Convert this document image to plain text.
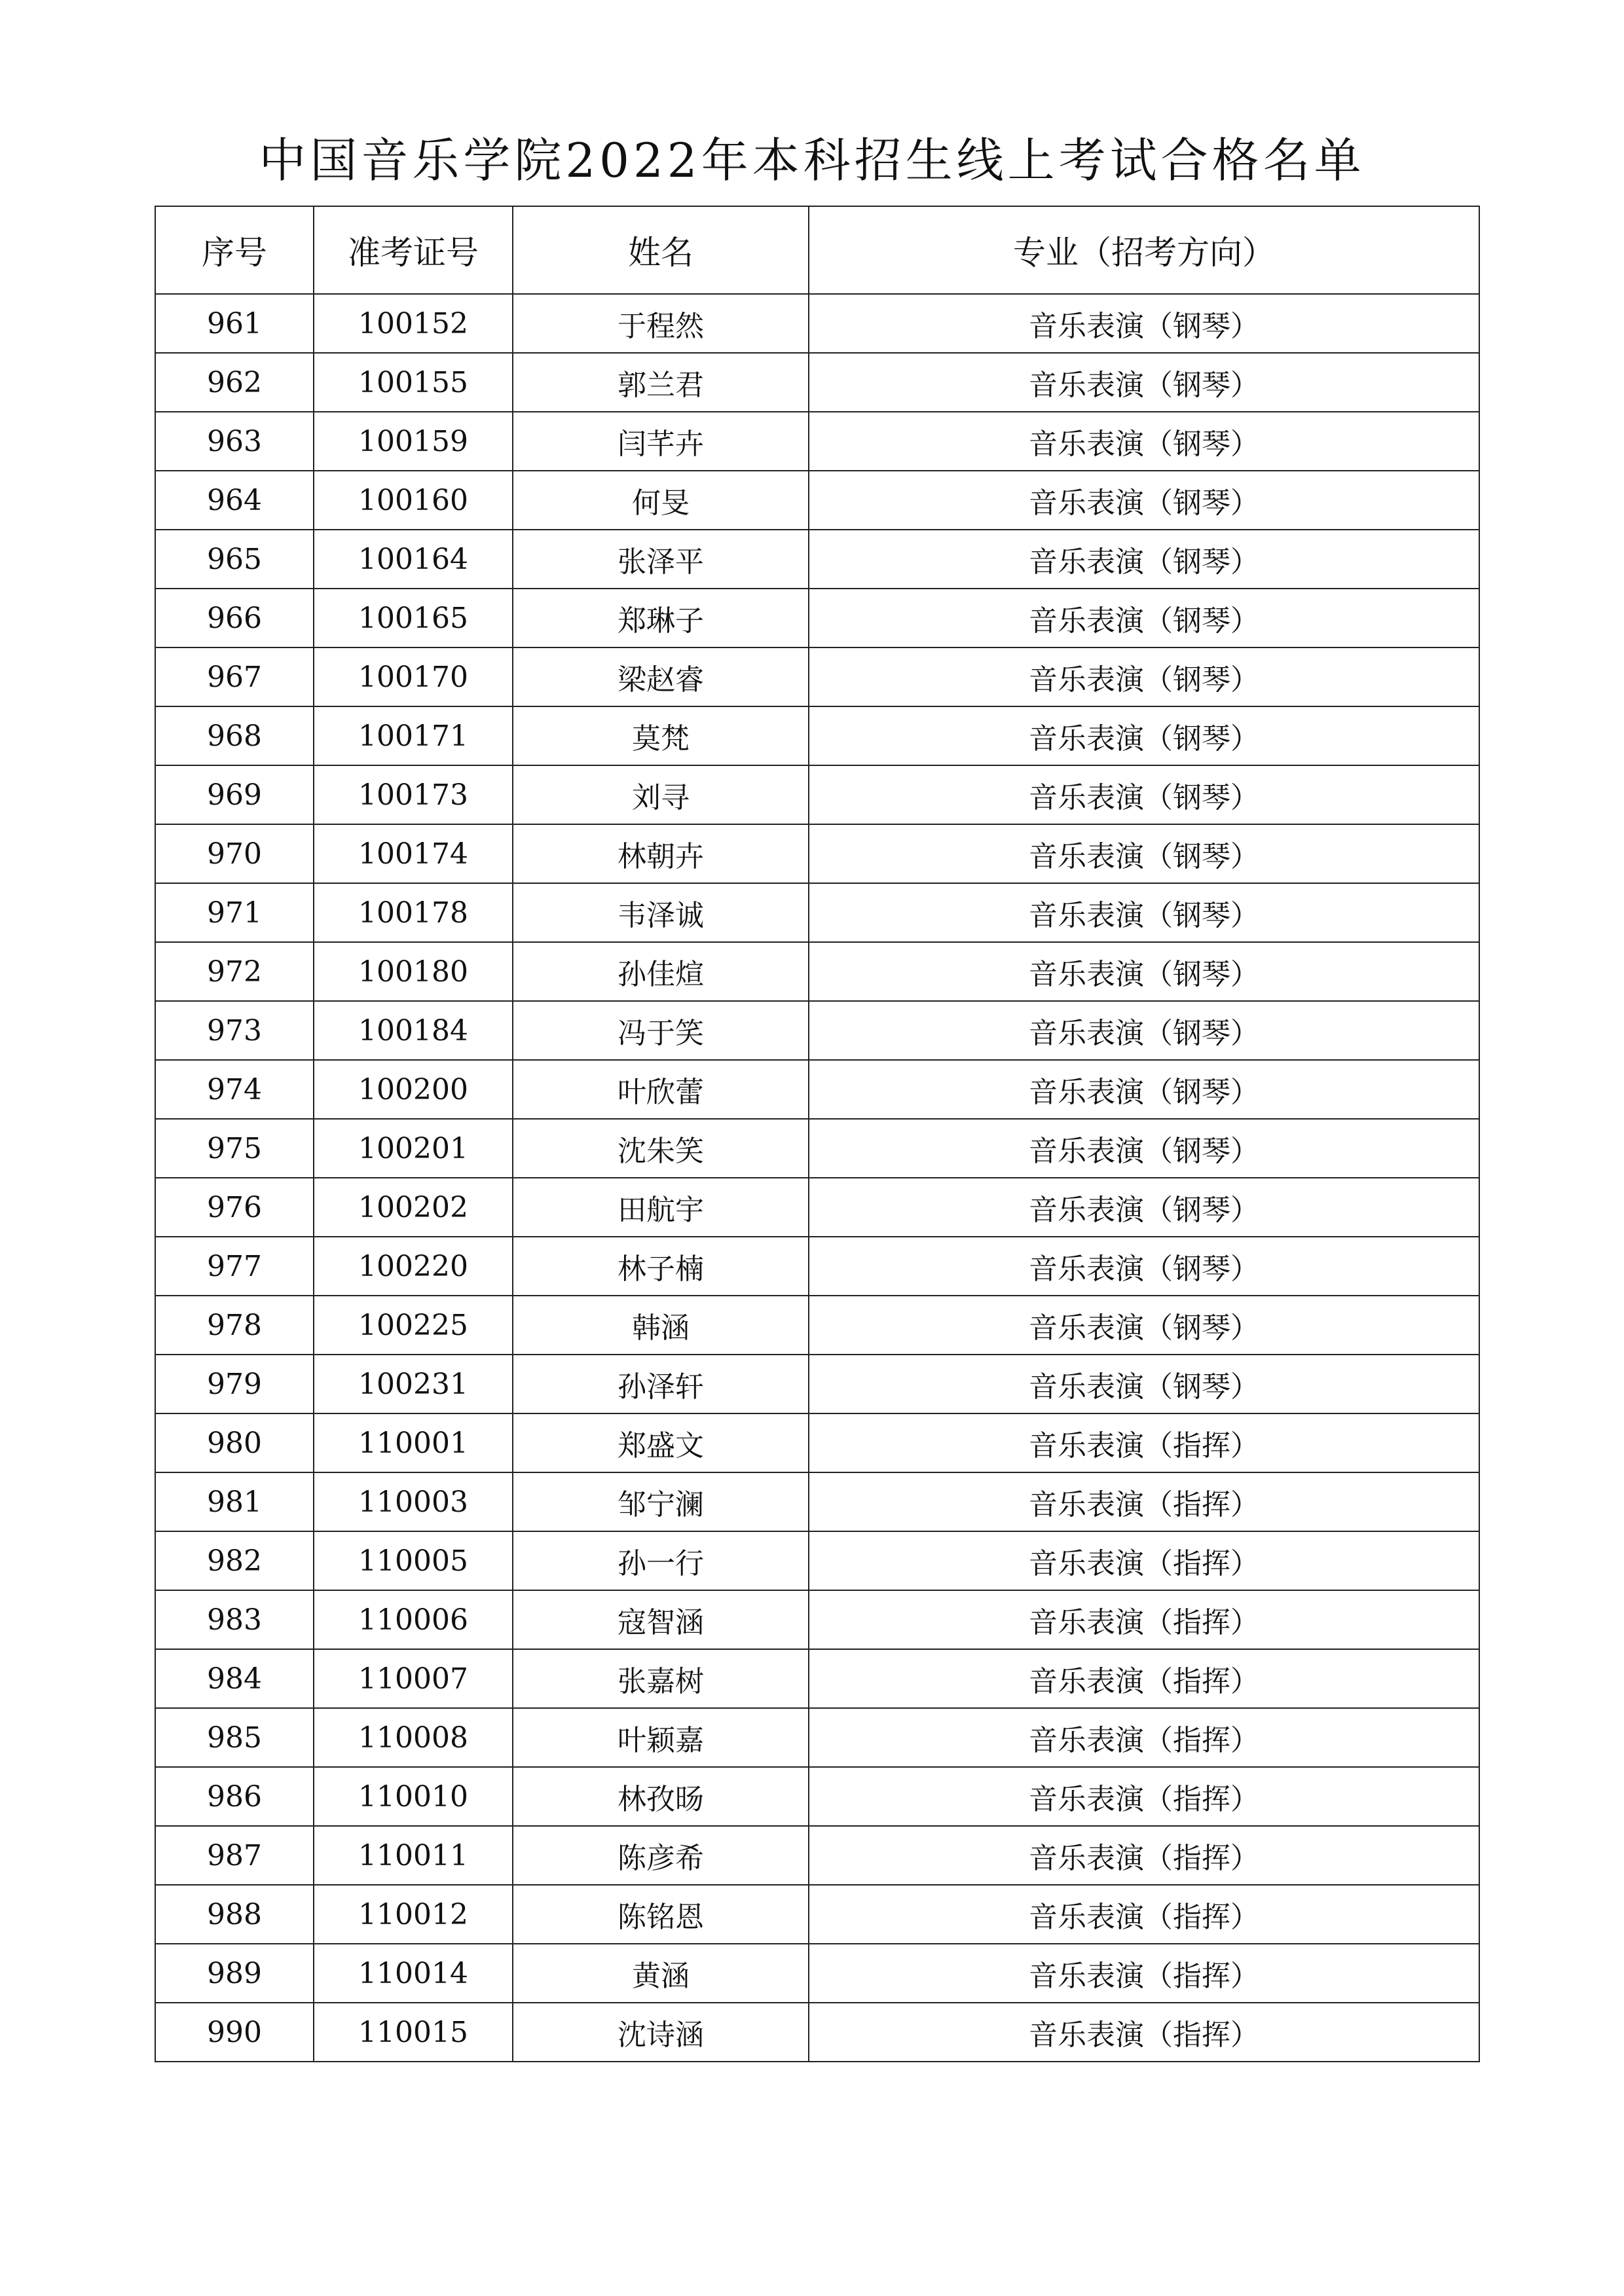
中国音乐学院2022年本科招生线上考试合格名单
序号	准考证号	姓名	专业（招考方向）
961	100152	于程然	音乐表演（钢琴）
962	100155	郭兰君	音乐表演（钢琴）
963	100159	闫芊卉	音乐表演（钢琴）
964	100160	何旻	音乐表演（钢琴）
965	100164	张泽平	音乐表演（钢琴）
966	100165	郑琳子	音乐表演（钢琴）
967	100170	梁赵睿	音乐表演（钢琴）
968	100171	莫梵	音乐表演（钢琴）
969	100173	刘寻	音乐表演（钢琴）
970	100174	林朝卉	音乐表演（钢琴）
971	100178	韦泽诚	音乐表演（钢琴）
972	100180	孙佳煊	音乐表演（钢琴）
973	100184	冯于笑	音乐表演（钢琴）
974	100200	叶欣蕾	音乐表演（钢琴）
975	100201	沈朱笑	音乐表演（钢琴）
976	100202	田航宇	音乐表演（钢琴）
977	100220	林子楠	音乐表演（钢琴）
978	100225	韩涵	音乐表演（钢琴）
979	100231	孙泽轩	音乐表演（钢琴）
980	110001	郑盛文	音乐表演（指挥）
981	110003	邹宁澜	音乐表演（指挥）
982	110005	孙一行	音乐表演（指挥）
983	110006	寇智涵	音乐表演（指挥）
984	110007	张嘉树	音乐表演（指挥）
985	110008	叶颖嘉	音乐表演（指挥）
986	110010	林孜旸	音乐表演（指挥）
987	110011	陈彦希	音乐表演（指挥）
988	110012	陈铭恩	音乐表演（指挥）
989	110014	黄涵	音乐表演（指挥）
990	110015	沈诗涵	音乐表演（指挥）
